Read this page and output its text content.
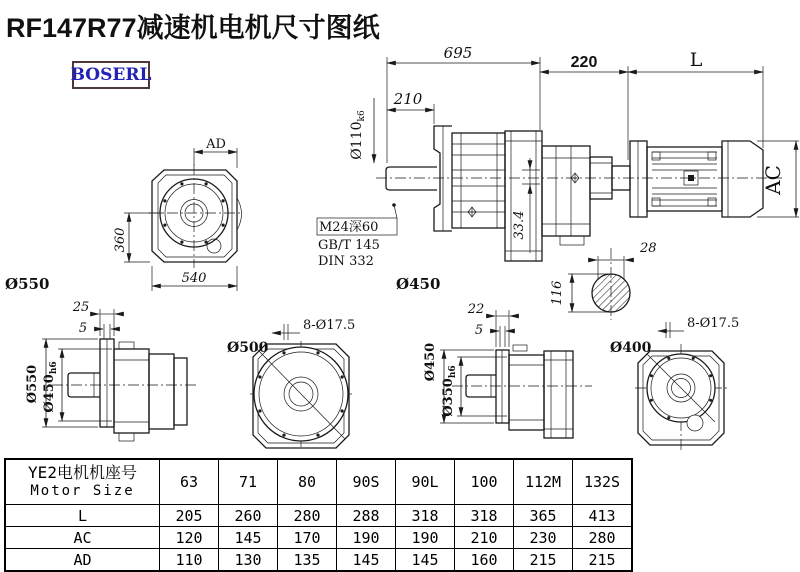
RF147R77减速机电机尺寸图纸
BOSERL
AD
360
540
Ø550
695
210
220	L
AC
$Ø110_{k6}$
M24深60
GB/T 145
DIN 332
33.4
Ø450
28
116
25
5
Ø550 $Ø450_{h6}$
Ø500
8-Ø17.5
22
5
Ø450
$Ø350_{h6}$
Ø400
8-Ø17.5
YE2电机机座号
Motor Size	63	71	80	90S	90L	100	112M	132S
L	205	260	280	288	318	318	365	413
AC	120	145	170	190	190	210	230	280
AD	110	130	135	145	145	160	215	215
